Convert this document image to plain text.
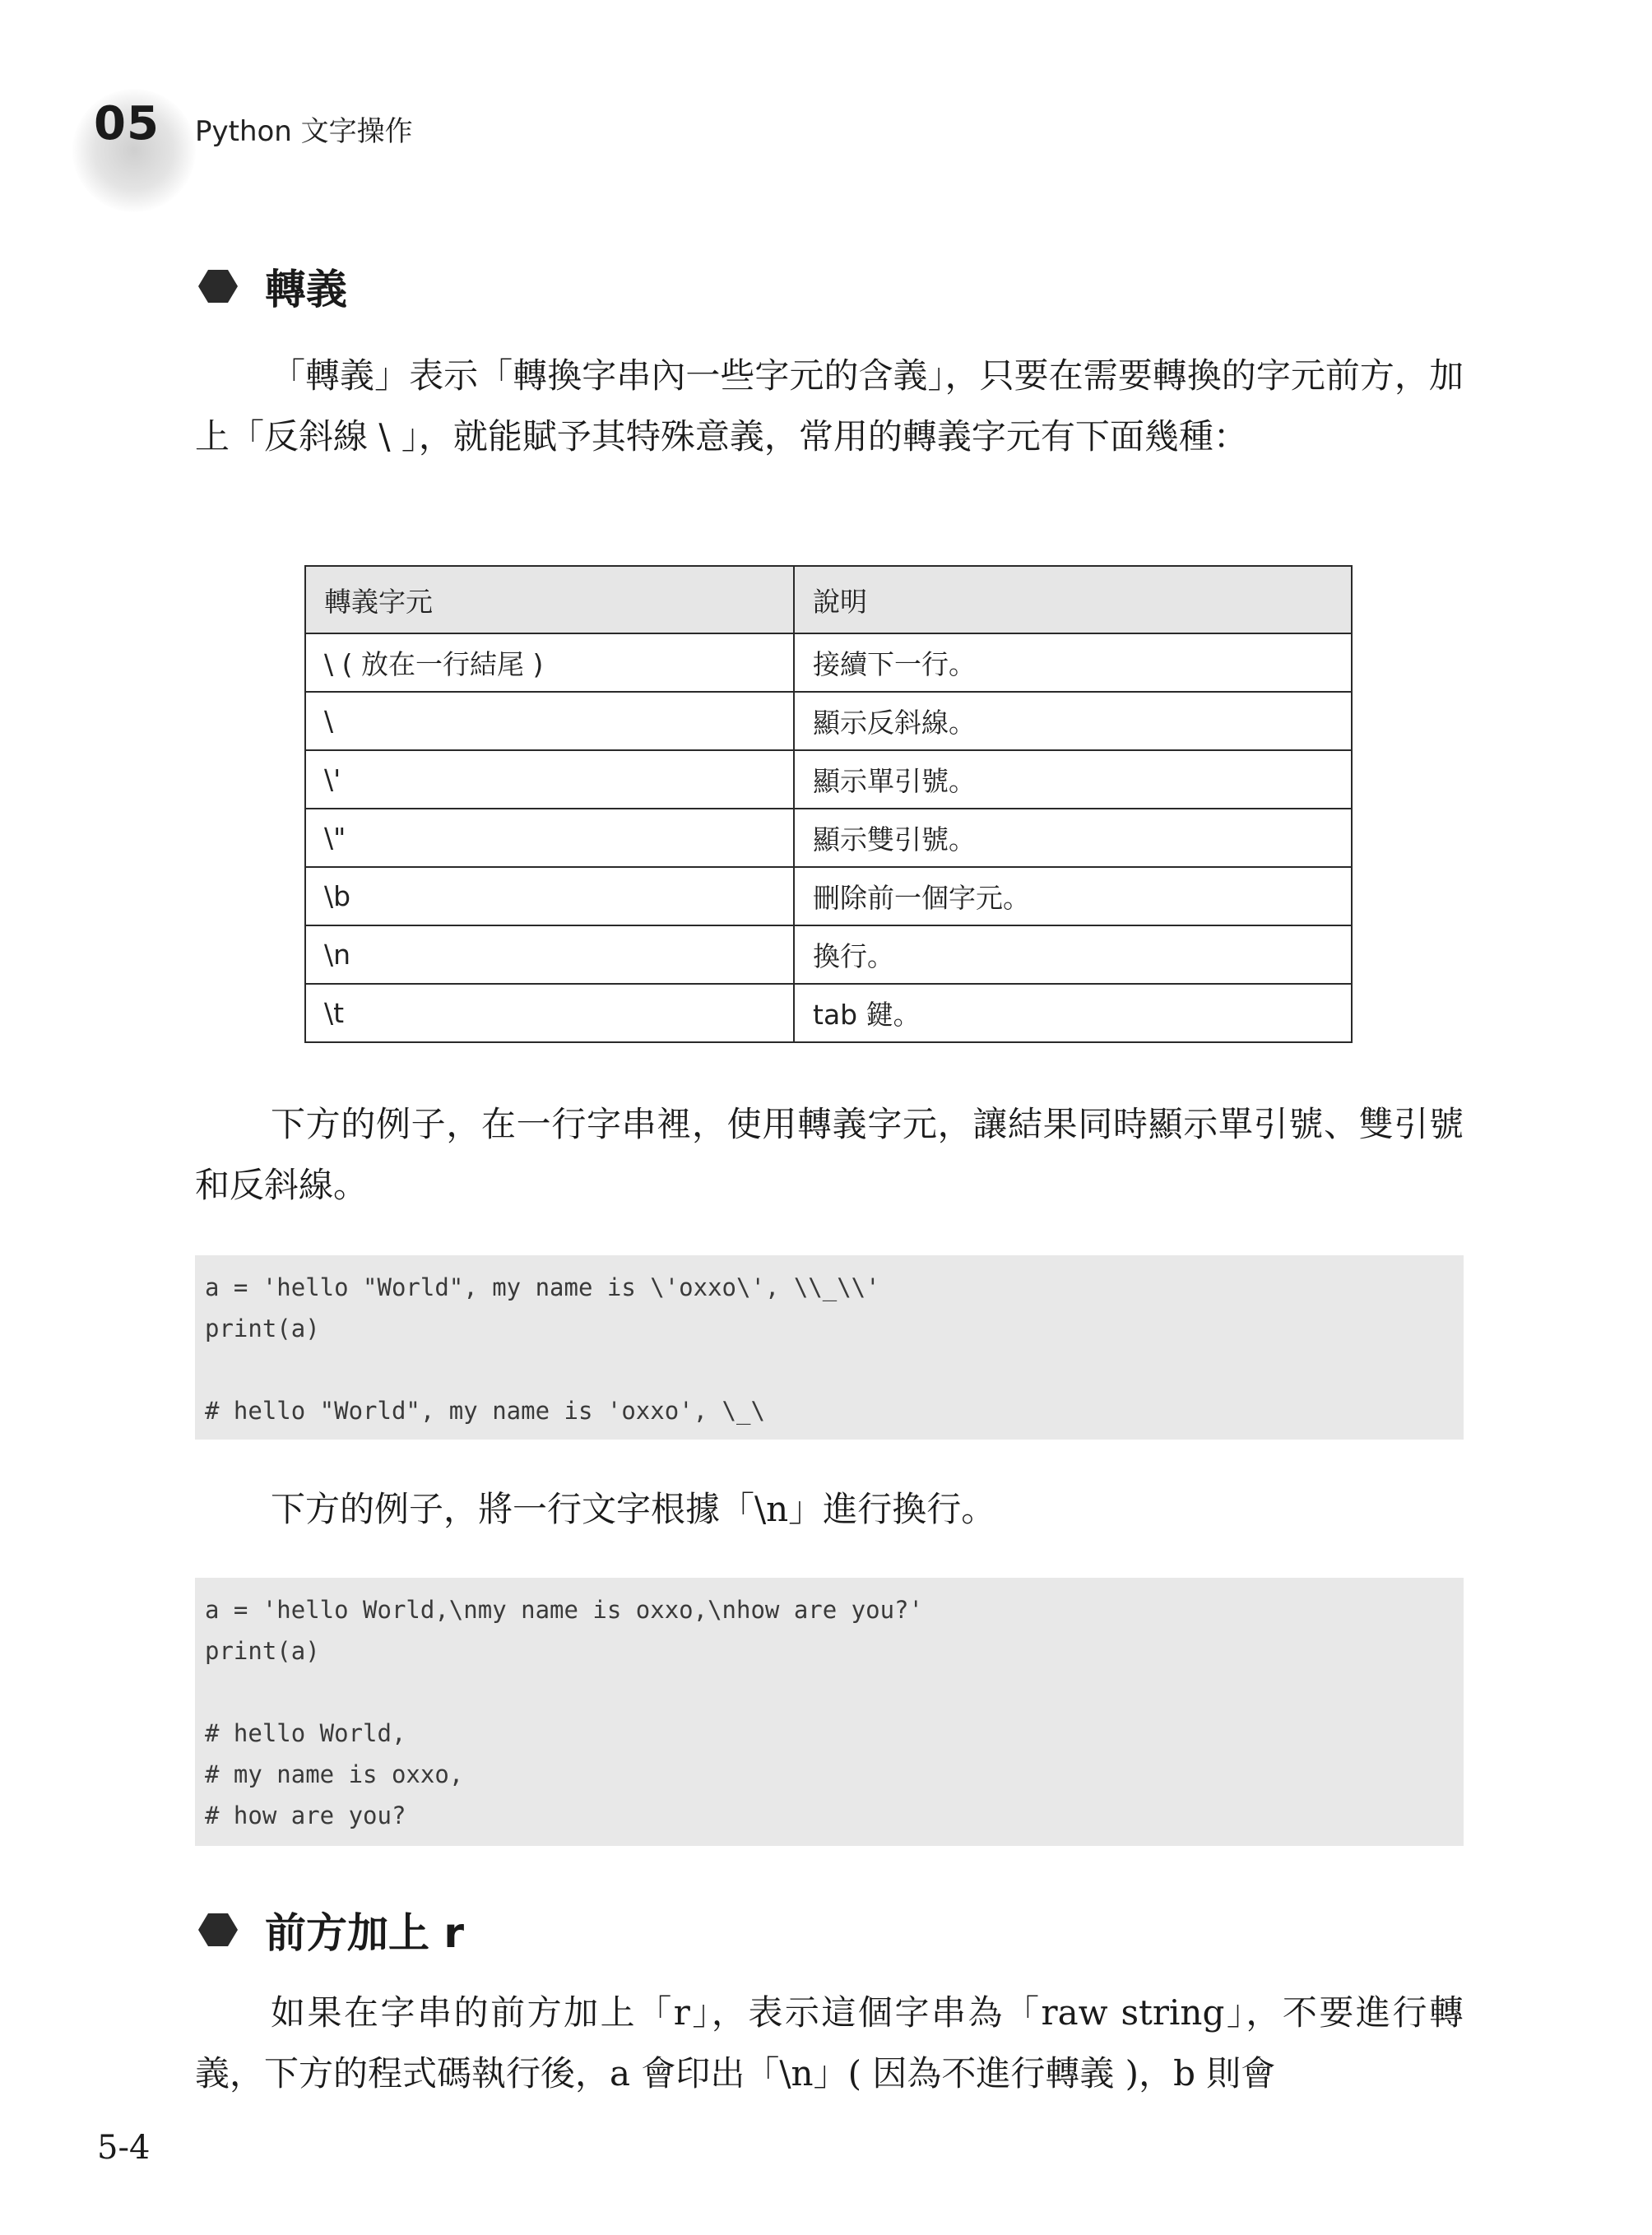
05 Python 文字操作
轉義

「轉義」表示「轉換字串內一些字元的含義」，只要在需要轉換的字元前方，加上「反斜線 \ 」，就能賦予其特殊意義，常用的轉義字元有下面幾種：

轉義字元	說明
\ ( 放在一行結尾 )	接續下一行。
\	顯示反斜線。
\'	顯示單引號。
\"	顯示雙引號。
\b	刪除前一個字元。
\n	換行。
\t	tab 鍵。

下方的例子，在一行字串裡，使用轉義字元，讓結果同時顯示單引號、雙引號和反斜線。

a = 'hello "World", my name is \'oxxo\', \\_\\'
print(a)
# hello "World", my name is 'oxxo', \_\

下方的例子，將一行文字根據「\n」進行換行。

a = 'hello World,\nmy name is oxxo,\nhow are you?'
print(a)
# hello World,
# my name is oxxo,
# how are you?
前方加上 r

如果在字串的前方加上「r」，表示這個字串為「raw string」，不要進行轉義，下方的程式碼執行後，a 會印出「\n」( 因為不進行轉義 )，b 則會

5-4
